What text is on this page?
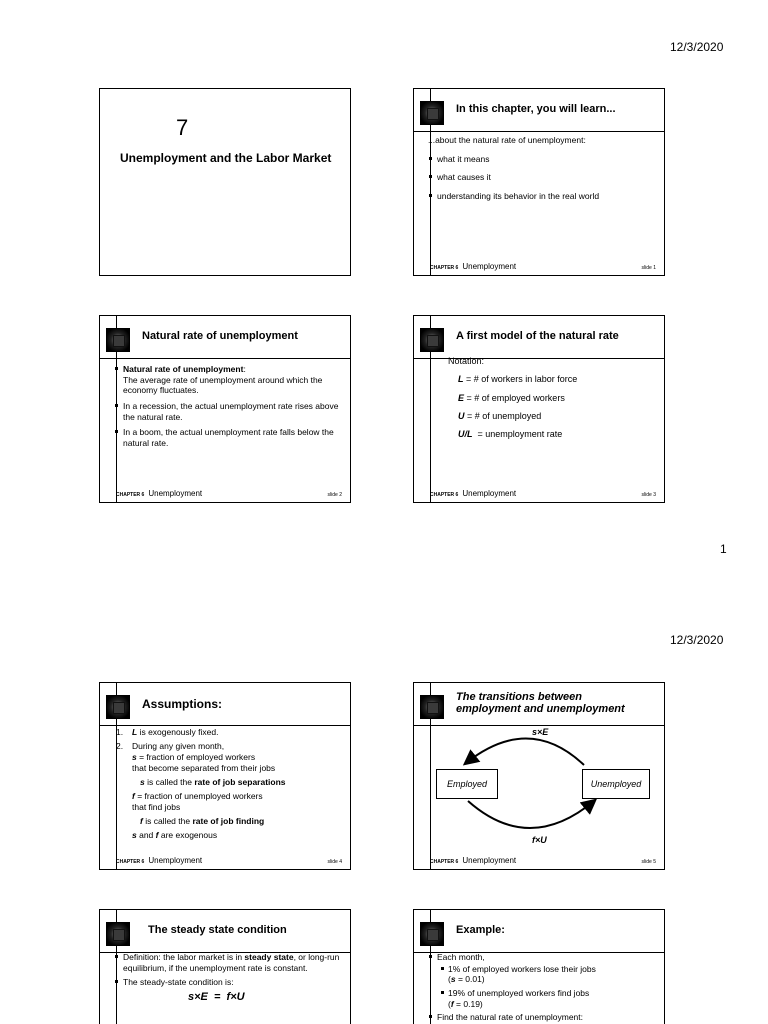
12/3/2020
7
Unemployment and the Labor Market
In this chapter, you will learn...
...about the natural rate of unemployment:
what it means
what causes it
understanding its behavior in the real world
CHAPTER 6 Unemployment	slide 1
Natural rate of unemployment
Natural rate of unemployment:
The average rate of unemployment around which the economy fluctuates.
In a recession, the actual unemployment rate rises above the natural rate.
In a boom, the actual unemployment rate falls below the natural rate.
CHAPTER 6 Unemployment	slide 2
A first model of the natural rate
Notation:
L = # of workers in labor force
E = # of employed workers
U = # of unemployed
U/L  = unemployment rate
CHAPTER 6 Unemployment	slide 3
1
12/3/2020
Assumptions:
1. L is exogenously fixed.
2. During any given month,
s = fraction of employed workers
that become separated from their jobs
s is called the rate of job separations
f = fraction of unemployed workers
that find jobs
f is called the rate of job finding
s and f are exogenous
CHAPTER 6 Unemployment	slide 4
The transitions between employment and unemployment
s×E
f×U
Employed	Unemployed
CHAPTER 6 Unemployment	slide 5
The steady state condition
Definition: the labor market is in steady state, or long-run equilibrium, if the unemployment rate is constant.
The steady-state condition is:
s×E  =  f×U
Example:
Each month,
1% of employed workers lose their jobs
(s = 0.01)
19% of unemployed workers find jobs
(f = 0.19)
Find the natural rate of unemployment:
